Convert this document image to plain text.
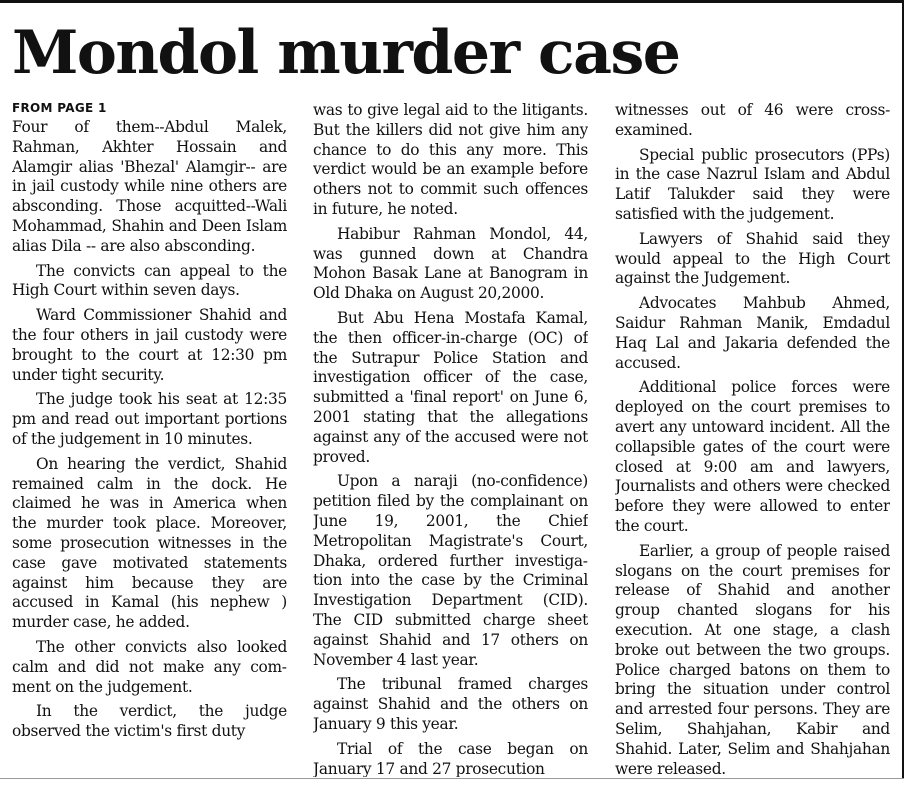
Mondol murder case
FROM PAGE 1

Four of them--Abdul Malek, Rahman, Akhter Hossain and Alamgir alias 'Bhezal' Alamgir-- are in jail custody while nine others are absconding. Those acquitted--Wali Mohammad, Shahin and Deen Islam alias Dila -- are also absconding.

The convicts can appeal to the High Court within seven days.

Ward Commissioner Shahid and the four others in jail custody were brought to the court at 12:30 pm under tight security.

The judge took his seat at 12:35 pm and read out important portions of the judgement in 10 minutes.

On hearing the verdict, Shahid remained calm in the dock. He claimed he was in America when the murder took place. Moreover, some prosecution witnesses in the case gave motivated statements against him because they are accused in Kamal (his nephew ) murder case, he added.

The other convicts also looked calm and did not make any comment on the judgement.

In the verdict, the judge observed the victim's first duty

was to give legal aid to the litigants. But the killers did not give him any chance to do this any more. This verdict would be an example before others not to commit such offences in future, he noted.

Habibur Rahman Mondol, 44, was gunned down at Chandra Mohon Basak Lane at Banogram in Old Dhaka on August 20,2000.

But Abu Hena Mostafa Kamal, the then officer-in-charge (OC) of the Sutrapur Police Station and investigation officer of the case, submitted a 'final report' on June 6, 2001 stating that the allegations against any of the accused were not proved.

Upon a naraji (no-confidence) petition filed by the complainant on June 19, 2001, the Chief Metropolitan Magistrate's Court, Dhaka, ordered further investigation into the case by the Criminal Investigation Department (CID). The CID submitted charge sheet against Shahid and 17 others on November 4 last year.

The tribunal framed charges against Shahid and the others on January 9 this year.

Trial of the case began on January 17 and 27 prosecution

witnesses out of 46 were cross-examined.

Special public prosecutors (PPs) in the case Nazrul Islam and Abdul Latif Talukder said they were satisfied with the judgement.

Lawyers of Shahid said they would appeal to the High Court against the Judgement.

Advocates Mahbub Ahmed, Saidur Rahman Manik, Emdadul Haq Lal and Jakaria defended the accused.

Additional police forces were deployed on the court premises to avert any untoward incident. All the collapsible gates of the court were closed at 9:00 am and lawyers, Journalists and others were checked before they were allowed to enter the court.

Earlier, a group of people raised slogans on the court premises for release of Shahid and another group chanted slogans for his execution. At one stage, a clash broke out between the two groups. Police charged batons on them to bring the situation under control and arrested four persons. They are Selim, Shahjahan, Kabir and Shahid. Later, Selim and Shahjahan were released.
